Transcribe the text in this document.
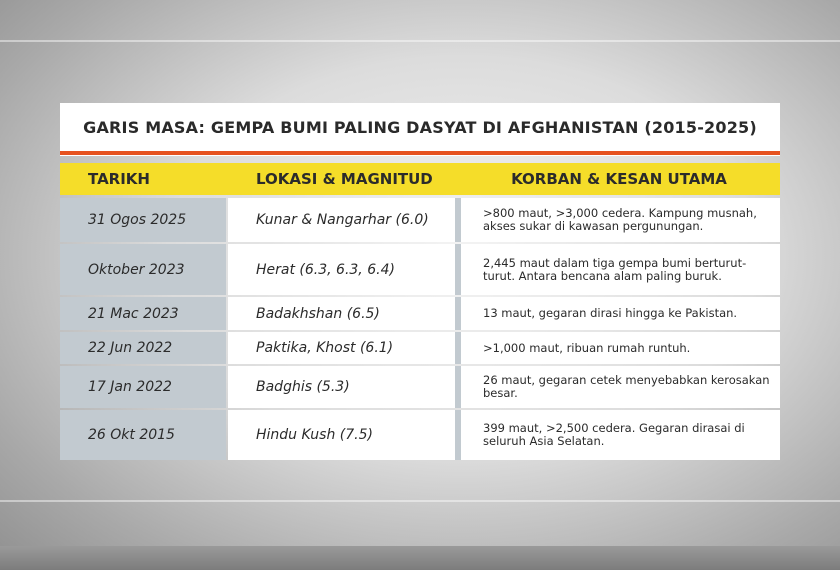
GARIS MASA: GEMPA BUMI PALING DASYAT DI AFGHANISTAN (2015-2025)
TARIKH	LOKASI & MAGNITUD	KORBAN & KESAN UTAMA
31 Ogos 2025	Kunar & Nangarhar (6.0)	>800 maut, >3,000 cedera. Kampung musnah, akses sukar di kawasan pergunungan.
Oktober 2023	Herat (6.3, 6.3, 6.4)	2,445 maut dalam tiga gempa bumi berturut-turut. Antara bencana alam paling buruk.
21 Mac 2023	Badakhshan (6.5)	13 maut, gegaran dirasi hingga ke Pakistan.
22 Jun 2022	Paktika, Khost (6.1)	>1,000 maut, ribuan rumah runtuh.
17 Jan 2022	Badghis (5.3)	26 maut, gegaran cetek menyebabkan kerosakan besar.
26 Okt 2015	Hindu Kush (7.5)	399 maut, >2,500 cedera. Gegaran dirasai di seluruh Asia Selatan.
